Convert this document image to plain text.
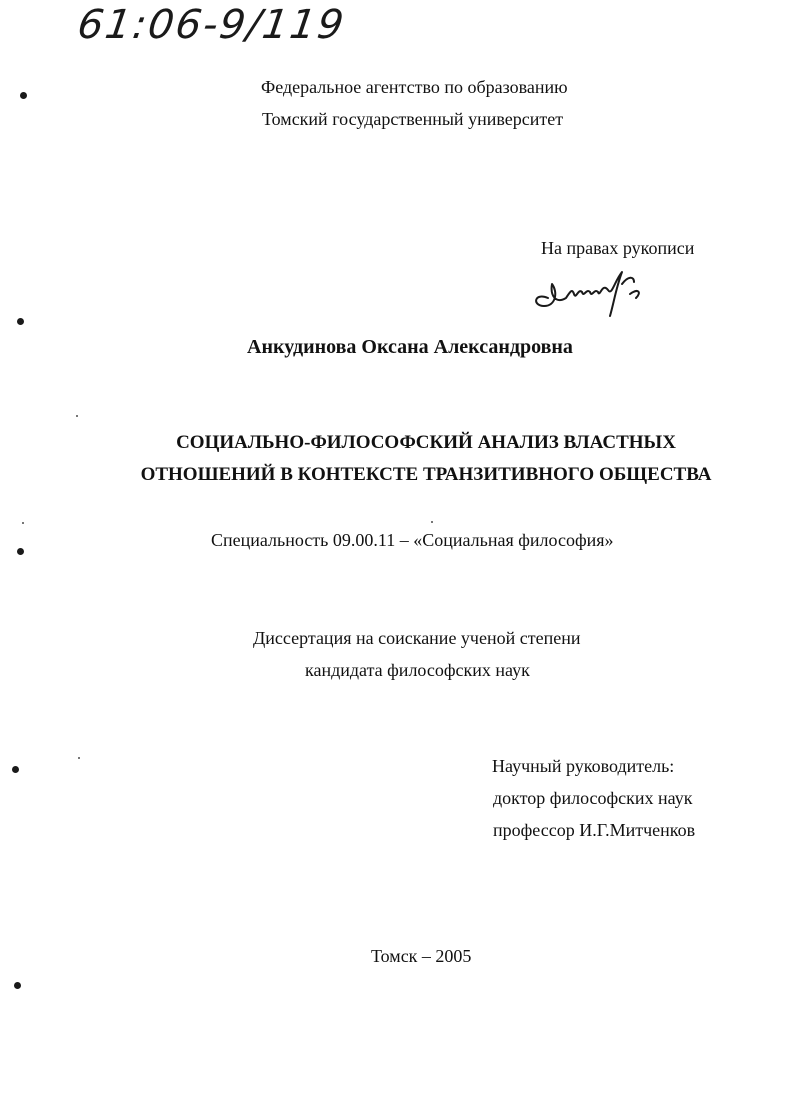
61:06-9/119
Федеральное агентство по образованию
Томский государственный университет
На правах рукописи
Анкудинова Оксана Александровна
СОЦИАЛЬНО-ФИЛОСОФСКИЙ АНАЛИЗ ВЛАСТНЫХ
ОТНОШЕНИЙ В КОНТЕКСТЕ ТРАНЗИТИВНОГО ОБЩЕСТВА
Специальность 09.00.11 – «Социальная философия»
Диссертация на соискание ученой степени
кандидата философских наук
Научный руководитель:
доктор философских наук
профессор И.Г.Митченков
Томск – 2005
